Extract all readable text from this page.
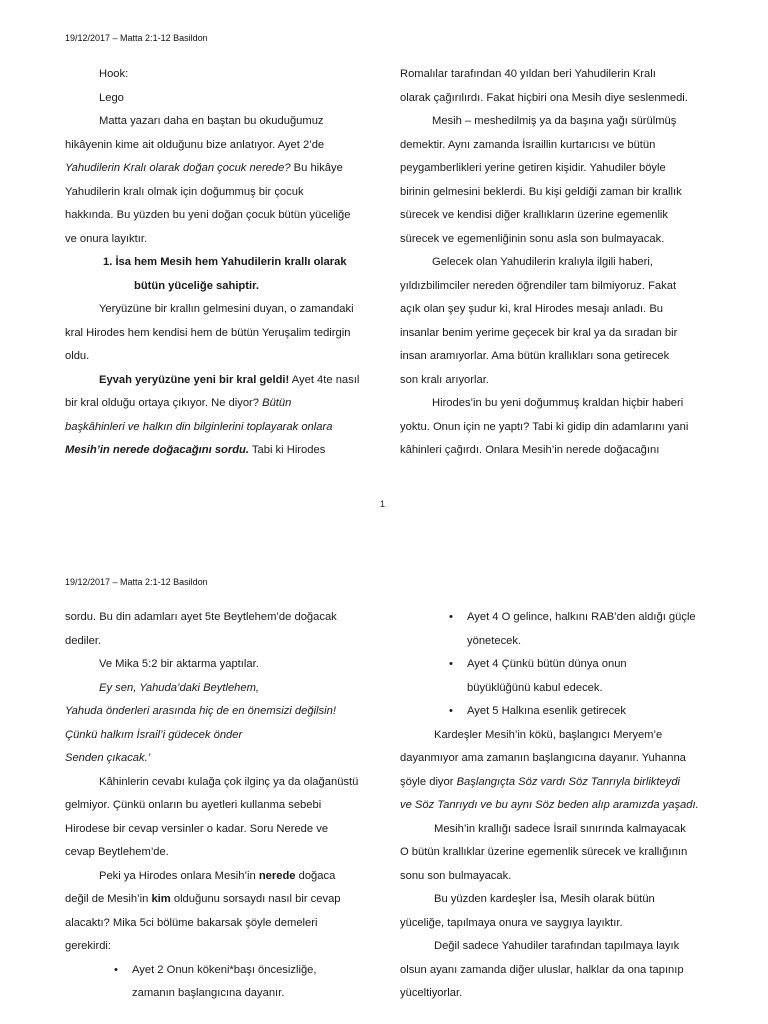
19/12/2017 – Matta 2:1-12 Basildon
Hook:
Lego
Matta yazarı daha en baştan bu okuduğumuz
hikâyenin kime ait olduğunu bize anlatıyor. Ayet 2’de
Yahudilerin Kralı olarak doğan çocuk nerede? Bu hikâye
Yahudilerin kralı olmak için doğummuş bir çocuk
hakkında. Bu yüzden bu yeni doğan çocuk bütün yüceliğe
ve onura layıktır.
1. İsa hem Mesih hem Yahudilerin krallı olarak
bütün yüceliğe sahiptir.
Yeryüzüne bir krallın gelmesini duyan, o zamandaki
kral Hirodes hem kendisi hem de bütün Yeruşalim tedirgin
oldu.
Eyvah yeryüzüne yeni bir kral geldi! Ayet 4te nasıl
bir kral olduğu ortaya çıkıyor. Ne diyor? Bütün
başkâhinleri ve halkın din bilginlerini toplayarak onlara
Mesih’in nerede doğacağını sordu. Tabi ki Hirodes
Romalılar tarafından 40 yıldan beri Yahudilerin Kralı
olarak çağırılırdı. Fakat hiçbiri ona Mesih diye seslenmedi.
Mesih – meshedilmiş ya da başına yağı sürülmüş
demektir. Aynı zamanda İsraillin kurtarıcısı ve bütün
peygamberlikleri yerine getiren kişidir. Yahudiler böyle
birinin gelmesini beklerdi. Bu kişi geldiği zaman bir krallık
sürecek ve kendisi diğer krallıkların üzerine egemenlik
sürecek ve egemenliğinin sonu asla son bulmayacak.
Gelecek olan Yahudilerin kralıyla ilgili haberi,
yıldızbilimciler nereden öğrendiler tam bilmiyoruz. Fakat
açık olan şey şudur ki, kral Hirodes mesajı anladı. Bu
insanlar benim yerime geçecek bir kral ya da sıradan bir
insan aramıyorlar. Ama bütün krallıkları sona getirecek
son kralı arıyorlar.
Hirodes’in bu yeni doğummuş kraldan hiçbir haberi
yoktu. Onun için ne yaptı? Tabi ki gidip din adamlarını yani
kâhinleri çağırdı. Onlara Mesih’in nerede doğacağını
1
19/12/2017 – Matta 2:1-12 Basildon
sordu. Bu din adamları ayet 5te Beytlehem’de doğacak
dediler.
Ve Mika 5:2 bir aktarma yaptılar.
Ey sen, Yahuda’daki Beytlehem,
Yahuda önderleri arasında hiç de en önemsizi değilsin!
Çünkü halkım İsrail’i güdecek önder
Senden çıkacak.’
Kâhinlerin cevabı kulağa çok ilginç ya da olağanüstü
gelmiyor. Çünkü onların bu ayetleri kullanma sebebi
Hirodese bir cevap versinler o kadar. Soru Nerede ve
cevap Beytlehem’de.
Peki ya Hirodes onlara Mesih’in nerede doğaca
değil de Mesih’in kim olduğunu sorsaydı nasıl bir cevap
alacaktı? Mika 5ci bölüme bakarsak şöyle demeleri
gerekirdi:
• Ayet 2 Onun kökeni*başı öncesizliğe,
zamanın başlangıcına dayanır.
• Ayet 4 O gelince, halkını RAB’den aldığı güçle
yönetecek.
• Ayet 4 Çünkü bütün dünya onun
büyüklüğünü kabul edecek.
• Ayet 5 Halkına esenlik getirecek
Kardeşler Mesih’in kökü, başlangıcı Meryem’e
dayanmıyor ama zamanın başlangıcına dayanır. Yuhanna
şöyle diyor Başlangıçta Söz vardı Söz Tanrıyla birlikteydi
ve Söz Tanrıydı ve bu aynı Söz beden alıp aramızda yaşadı.
Mesih’in krallığı sadece İsrail sınırında kalmayacak
O bütün krallıklar üzerine egemenlik sürecek ve krallığının
sonu son bulmayacak.
Bu yüzden kardeşler İsa, Mesih olarak bütün
yüceliğe, tapılmaya onura ve saygıya layıktır.
Değil sadece Yahudiler tarafından tapılmaya layık
olsun ayanı zamanda diğer uluslar, halklar da ona tapınıp
yüceltiyorlar.
